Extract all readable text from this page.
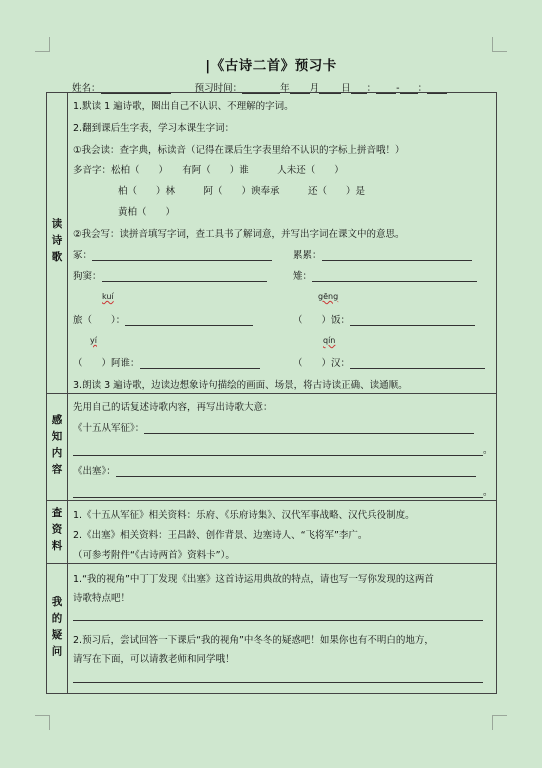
|《古诗二首》预习卡
姓名：	预习时间：	年 月 日 ： - ：
读诗歌
1.默读 1 遍诗歌，圈出自己不认识、不理解的字词。
2.翻到课后生字表，学习本课生字词：
①我会读：查字典，标读音（记得在课后生字表里给不认识的字标上拼音哦！）
多音字：松柏（　　）　　有阿（　　）谁　　　人未还（　　）
柏（　　）林　　　阿（　　）谀奉承　　　还（　　）是
黄柏（　　）
②我会写：读拼音填写字词，查工具书了解词意，并写出字词在课文中的意思。
冢：	累累：
狗窦：	雉：
kuí	gēng
旅（　　）：	（　　）饭：
yí	qín
（　　）阿谁：	（　　）汉：
3.朗读 3 遍诗歌，边读边想象诗句描绘的画面、场景，将古诗读正确、读通顺。
感知内容
先用自己的话复述诗歌内容，再写出诗歌大意：
《十五从军征》：
。
《出塞》：
。
查资料 1.《十五从军征》相关资料：乐府、《乐府诗集》、汉代军事战略、汉代兵役制度。
2.《出塞》相关资料：王昌龄、创作背景、边塞诗人、“飞将军”李广。
（可参考附件“《古诗两首》资料卡”）。
我的疑问
1.“我的视角”中丁丁发现《出塞》这首诗运用典故的特点，请也写一写你发现的这两首
诗歌特点吧！
2.预习后，尝试回答一下课后“我的视角”中冬冬的疑惑吧！如果你也有不明白的地方，
请写在下面，可以请教老师和同学哦！
